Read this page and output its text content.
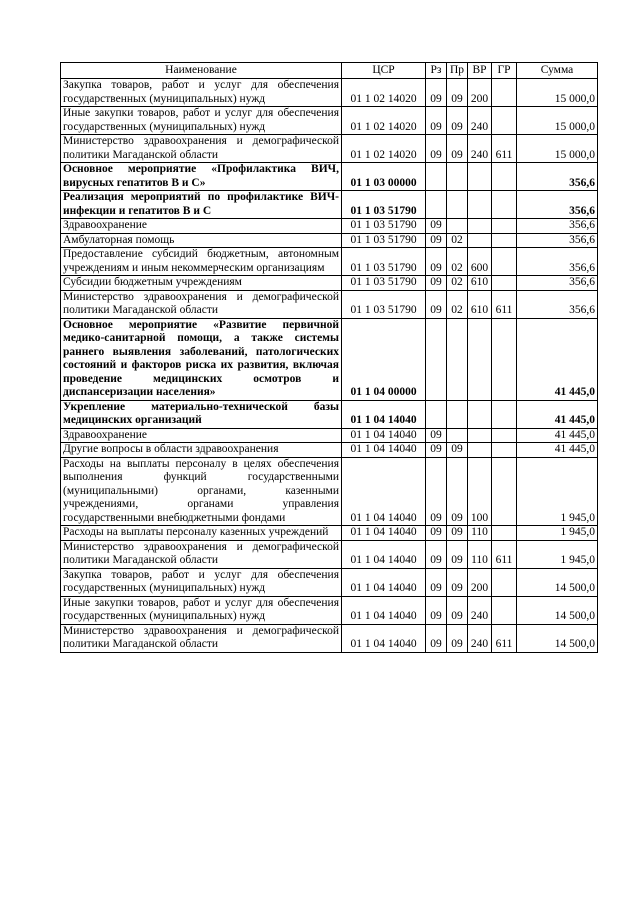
Наименование	ЦСР	Рз	Пр	ВР	ГР	Сумма
Закупка товаров, работ и услуг для обеспечения государственных (муниципальных) нужд	01 1 02 14020	09	09	200		15 000,0
Иные закупки товаров, работ и услуг для обеспечения государственных (муниципальных) нужд	01 1 02 14020	09	09	240		15 000,0
Министерство здравоохранения и демографической политики Магаданской области	01 1 02 14020	09	09	240	611	15 000,0
Основное мероприятие «Профилактика ВИЧ, вирусных гепатитов В и С»	01 1 03 00000					356,6
Реализация мероприятий по профилактике ВИЧ-инфекции и гепатитов В и С	01 1 03 51790					356,6
Здравоохранение	01 1 03 51790	09				356,6
Амбулаторная помощь	01 1 03 51790	09	02			356,6
Предоставление субсидий бюджетным, автономным учреждениям и иным некоммерческим организациям	01 1 03 51790	09	02	600		356,6
Субсидии бюджетным учреждениям	01 1 03 51790	09	02	610		356,6
Министерство здравоохранения и демографической политики Магаданской области	01 1 03 51790	09	02	610	611	356,6
Основное мероприятие «Развитие первичной медико-санитарной помощи, а также системы раннего выявления заболеваний, патологических состояний и факторов риска их развития, включая проведение медицинских осмотров и диспансеризации населения»	01 1 04 00000					41 445,0
Укрепление материально-технической базы медицинских организаций	01 1 04 14040					41 445,0
Здравоохранение	01 1 04 14040	09				41 445,0
Другие вопросы в области здравоохранения	01 1 04 14040	09	09			41 445,0
Расходы на выплаты персоналу в целях обеспечения выполнения функций государственными (муниципальными) органами, казенными учреждениями, органами управления государственными внебюджетными фондами	01 1 04 14040	09	09	100		1 945,0
Расходы на выплаты персоналу казенных учреждений	01 1 04 14040	09	09	110		1 945,0
Министерство здравоохранения и демографической политики Магаданской области	01 1 04 14040	09	09	110	611	1 945,0
Закупка товаров, работ и услуг для обеспечения государственных (муниципальных) нужд	01 1 04 14040	09	09	200		14 500,0
Иные закупки товаров, работ и услуг для обеспечения государственных (муниципальных) нужд	01 1 04 14040	09	09	240		14 500,0
Министерство здравоохранения и демографической политики Магаданской области	01 1 04 14040	09	09	240	611	14 500,0
